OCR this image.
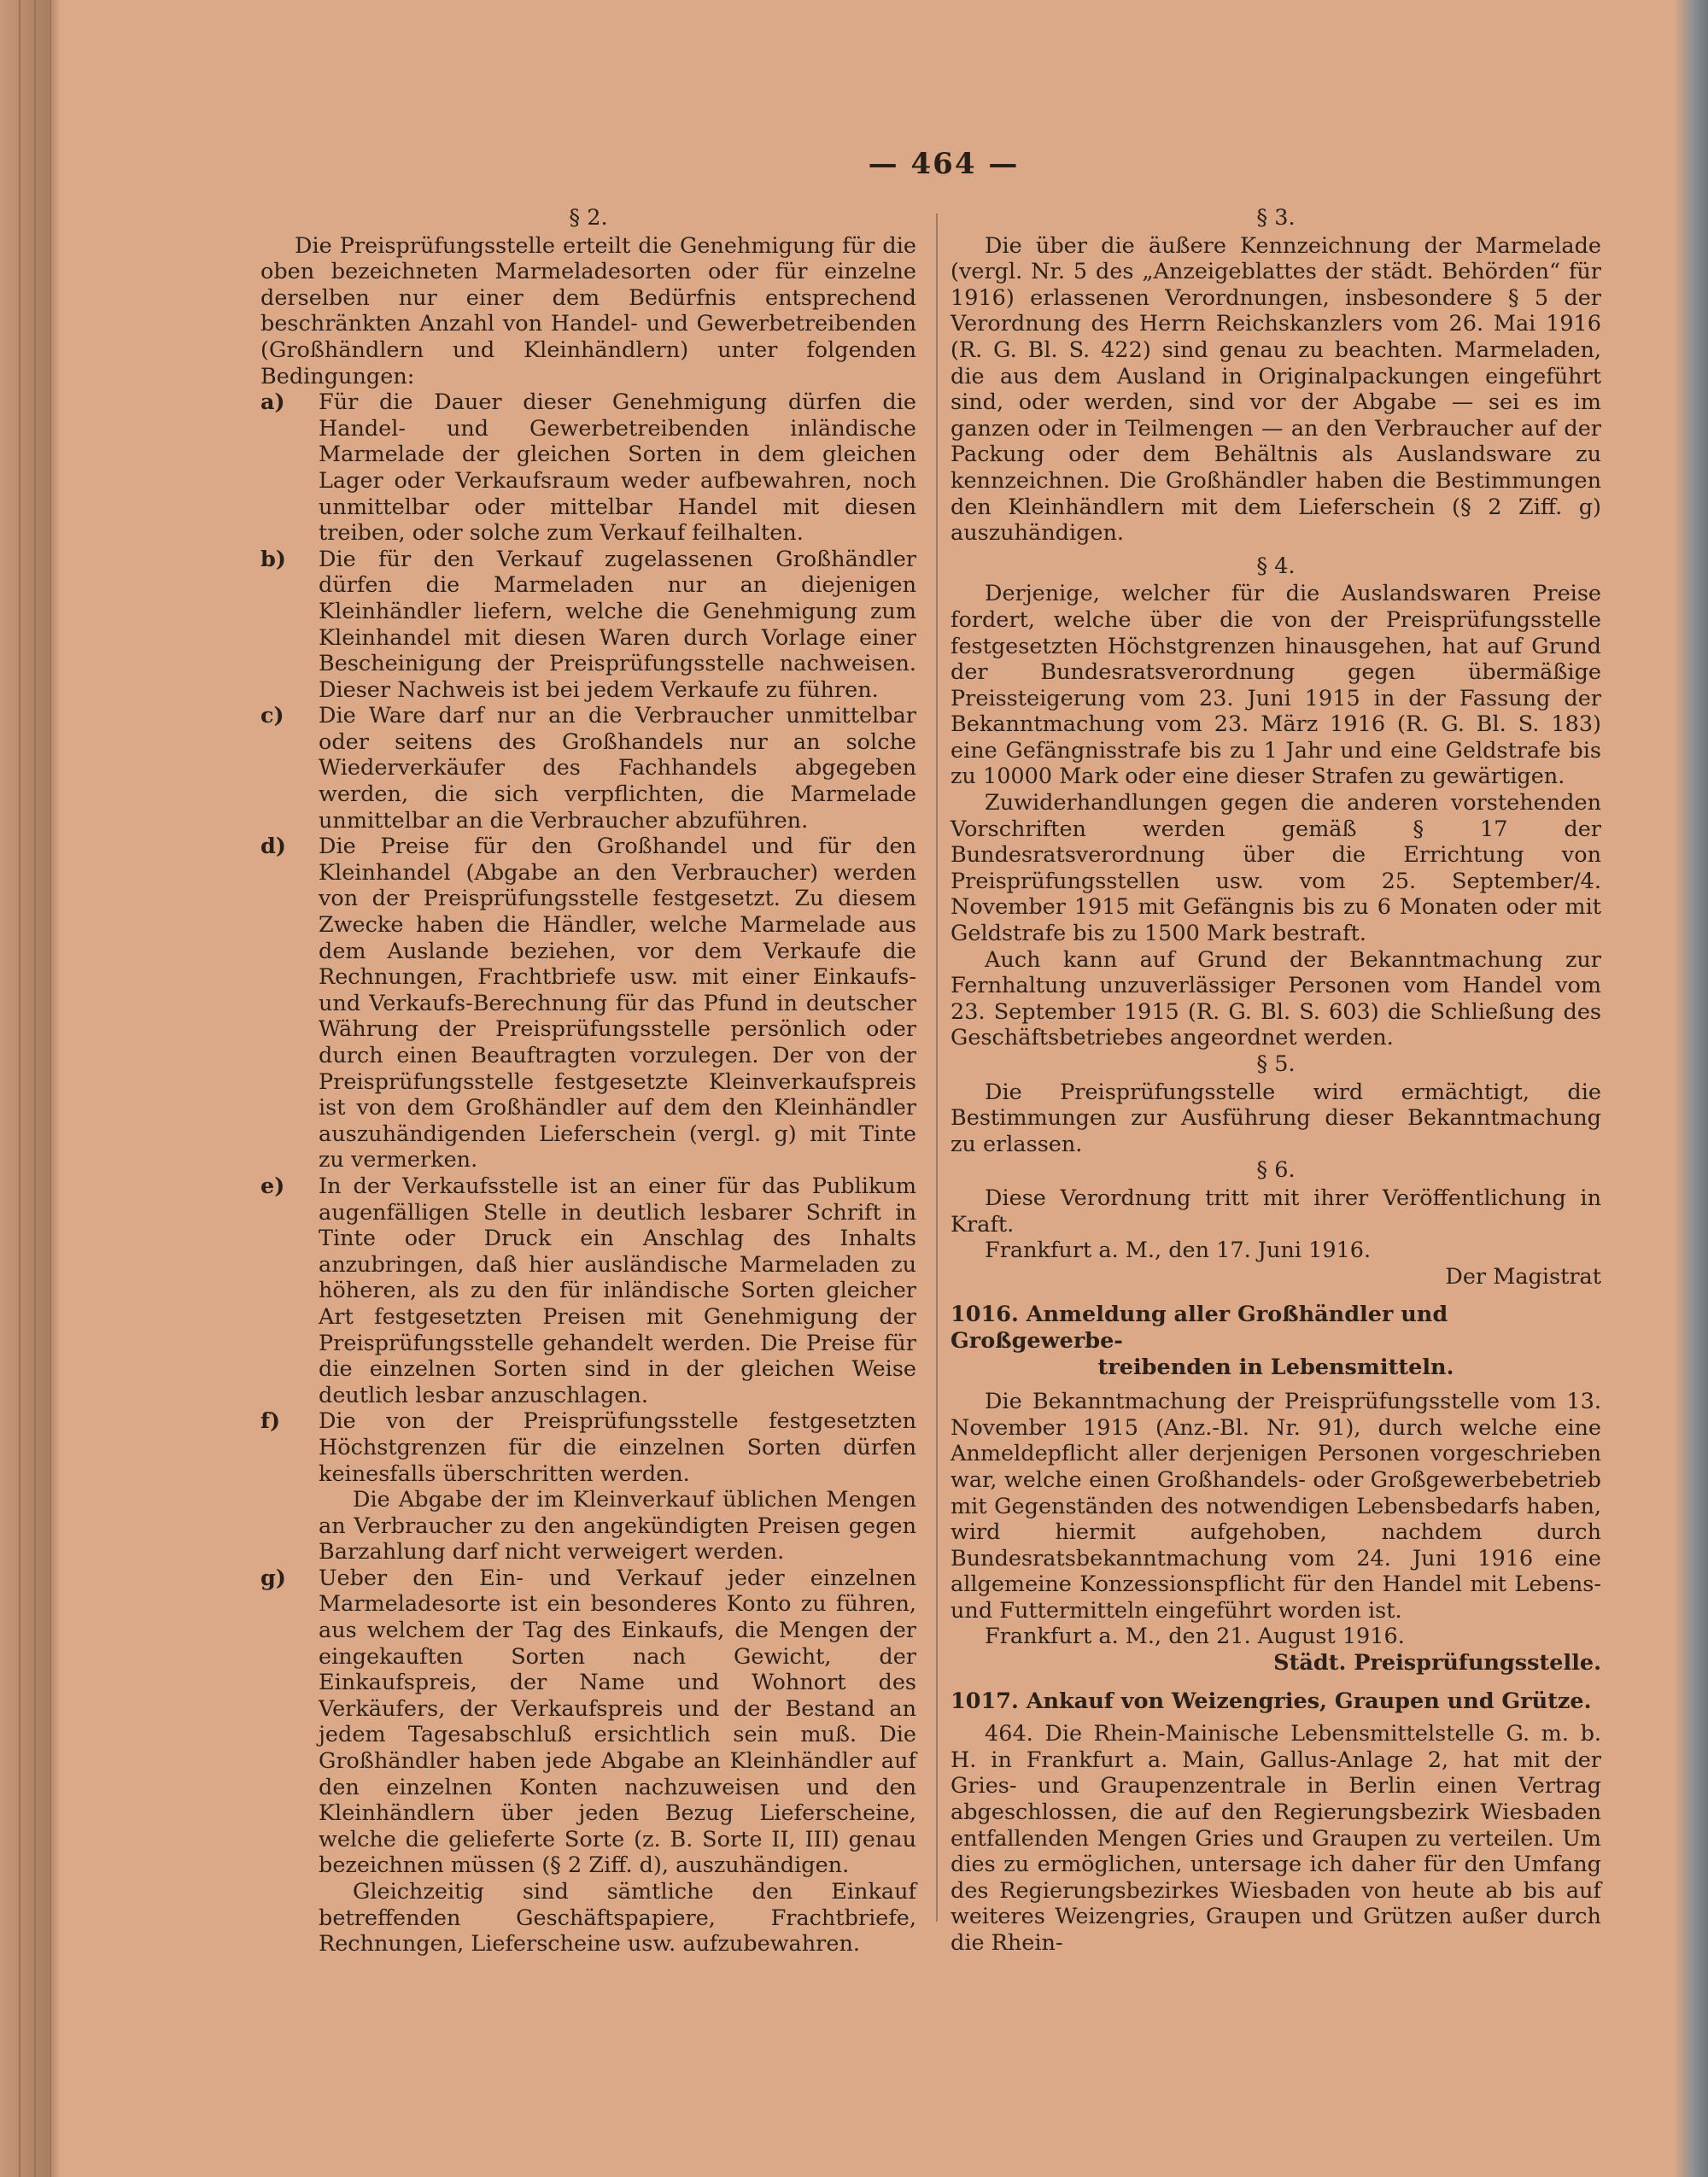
— 464 —
§ 2.

Die Preisprüfungsstelle erteilt die Genehmigung für die oben bezeichneten Marmeladesorten oder für einzelne derselben nur einer dem Bedürfnis entsprechend beschränkten Anzahl von Handel- und Gewerbetreibenden (Großhändlern und Kleinhändlern) unter folgenden Bedingungen:

a) Für die Dauer dieser Genehmigung dürfen die Handel- und Gewerbetreibenden inländische Marmelade der gleichen Sorten in dem gleichen Lager oder Verkaufsraum weder aufbewahren, noch unmittelbar oder mittelbar Handel mit diesen treiben, oder solche zum Verkauf feilhalten.
b) Die für den Verkauf zugelassenen Großhändler dürfen die Marmeladen nur an diejenigen Kleinhändler liefern, welche die Genehmigung zum Kleinhandel mit diesen Waren durch Vorlage einer Bescheinigung der Preisprüfungsstelle nachweisen. Dieser Nachweis ist bei jedem Verkaufe zu führen.
c) Die Ware darf nur an die Verbraucher unmittelbar oder seitens des Großhandels nur an solche Wiederverkäufer des Fachhandels abgegeben werden, die sich verpflichten, die Marmelade unmittelbar an die Verbraucher abzuführen.
d) Die Preise für den Großhandel und für den Kleinhandel (Abgabe an den Verbraucher) werden von der Preisprüfungsstelle festgesetzt. Zu diesem Zwecke haben die Händler, welche Marmelade aus dem Auslande beziehen, vor dem Verkaufe die Rechnungen, Frachtbriefe usw. mit einer Einkaufs- und Verkaufs-Berechnung für das Pfund in deutscher Währung der Preisprüfungsstelle persönlich oder durch einen Beauftragten vorzulegen. Der von der Preisprüfungsstelle festgesetzte Kleinverkaufspreis ist von dem Großhändler auf dem den Kleinhändler auszuhändigenden Lieferschein (vergl. g) mit Tinte zu vermerken.
e) In der Verkaufsstelle ist an einer für das Publikum augenfälligen Stelle in deutlich lesbarer Schrift in Tinte oder Druck ein Anschlag des Inhalts anzubringen, daß hier ausländische Marmeladen zu höheren, als zu den für inländische Sorten gleicher Art festgesetzten Preisen mit Genehmigung der Preisprüfungsstelle gehandelt werden. Die Preise für die einzelnen Sorten sind in der gleichen Weise deutlich lesbar anzuschlagen.
f) Die von der Preisprüfungsstelle festgesetzten Höchstgrenzen für die einzelnen Sorten dürfen keinesfalls überschritten werden.

Die Abgabe der im Kleinverkauf üblichen Mengen an Verbraucher zu den angekündigten Preisen gegen Barzahlung darf nicht verweigert werden.

g) Ueber den Ein- und Verkauf jeder einzelnen Marmeladesorte ist ein besonderes Konto zu führen, aus welchem der Tag des Einkaufs, die Mengen der eingekauften Sorten nach Gewicht, der Einkaufspreis, der Name und Wohnort des Verkäufers, der Verkaufspreis und der Bestand an jedem Tagesabschluß ersichtlich sein muß. Die Großhändler haben jede Abgabe an Kleinhändler auf den einzelnen Konten nachzuweisen und den Kleinhändlern über jeden Bezug Lieferscheine, welche die gelieferte Sorte (z. B. Sorte II, III) genau bezeichnen müssen (§ 2 Ziff. d), auszuhändigen.

Gleichzeitig sind sämtliche den Einkauf betreffenden Geschäftspapiere, Frachtbriefe, Rechnungen, Lieferscheine usw. aufzubewahren.

§ 3.

Die über die äußere Kennzeichnung der Marmelade (vergl. Nr. 5 des „Anzeigeblattes der städt. Behörden“ für 1916) erlassenen Verordnungen, insbesondere § 5 der Verordnung des Herrn Reichskanzlers vom 26. Mai 1916 (R. G. Bl. S. 422) sind genau zu beachten. Marmeladen, die aus dem Ausland in Originalpackungen eingeführt sind, oder werden, sind vor der Abgabe — sei es im ganzen oder in Teilmengen — an den Verbraucher auf der Packung oder dem Behältnis als Auslandsware zu kennzeichnen. Die Großhändler haben die Bestimmungen den Kleinhändlern mit dem Lieferschein (§ 2 Ziff. g) auszuhändigen.

§ 4.

Derjenige, welcher für die Auslandswaren Preise fordert, welche über die von der Preisprüfungsstelle festgesetzten Höchstgrenzen hinausgehen, hat auf Grund der Bundesratsverordnung gegen übermäßige Preissteigerung vom 23. Juni 1915 in der Fassung der Bekanntmachung vom 23. März 1916 (R. G. Bl. S. 183) eine Gefängnisstrafe bis zu 1 Jahr und eine Geldstrafe bis zu 10000 Mark oder eine dieser Strafen zu gewärtigen.

Zuwiderhandlungen gegen die anderen vorstehenden Vorschriften werden gemäß § 17 der Bundesratsverordnung über die Errichtung von Preisprüfungsstellen usw. vom 25. September/4. November 1915 mit Gefängnis bis zu 6 Monaten oder mit Geldstrafe bis zu 1500 Mark bestraft.

Auch kann auf Grund der Bekanntmachung zur Fernhaltung unzuverlässiger Personen vom Handel vom 23. September 1915 (R. G. Bl. S. 603) die Schließung des Geschäftsbetriebes angeordnet werden.

§ 5.

Die Preisprüfungsstelle wird ermächtigt, die Bestimmungen zur Ausführung dieser Bekanntmachung zu erlassen.

§ 6.

Diese Verordnung tritt mit ihrer Veröffentlichung in Kraft.

Frankfurt a. M., den 17. Juni 1916.

Der Magistrat

1016. Anmeldung aller Großhändler und Großgewerbe-
treibenden in Lebensmitteln.

Die Bekanntmachung der Preisprüfungsstelle vom 13. November 1915 (Anz.-Bl. Nr. 91), durch welche eine Anmeldepflicht aller derjenigen Personen vorgeschrieben war, welche einen Großhandels- oder Großgewerbebetrieb mit Gegenständen des notwendigen Lebensbedarfs haben, wird hiermit aufgehoben, nachdem durch Bundesratsbekanntmachung vom 24. Juni 1916 eine allgemeine Konzessionspflicht für den Handel mit Lebens- und Futtermitteln eingeführt worden ist.

Frankfurt a. M., den 21. August 1916.

Städt. Preisprüfungsstelle.

1017. Ankauf von Weizengries, Graupen und Grütze.

464. Die Rhein-Mainische Lebensmittelstelle G. m. b. H. in Frankfurt a. Main, Gallus-Anlage 2, hat mit der Gries- und Graupenzentrale in Berlin einen Vertrag abgeschlossen, die auf den Regierungsbezirk Wiesbaden entfallenden Mengen Gries und Graupen zu verteilen. Um dies zu ermöglichen, untersage ich daher für den Umfang des Regierungsbezirkes Wiesbaden von heute ab bis auf weiteres Weizengries, Graupen und Grützen außer durch die Rhein-
